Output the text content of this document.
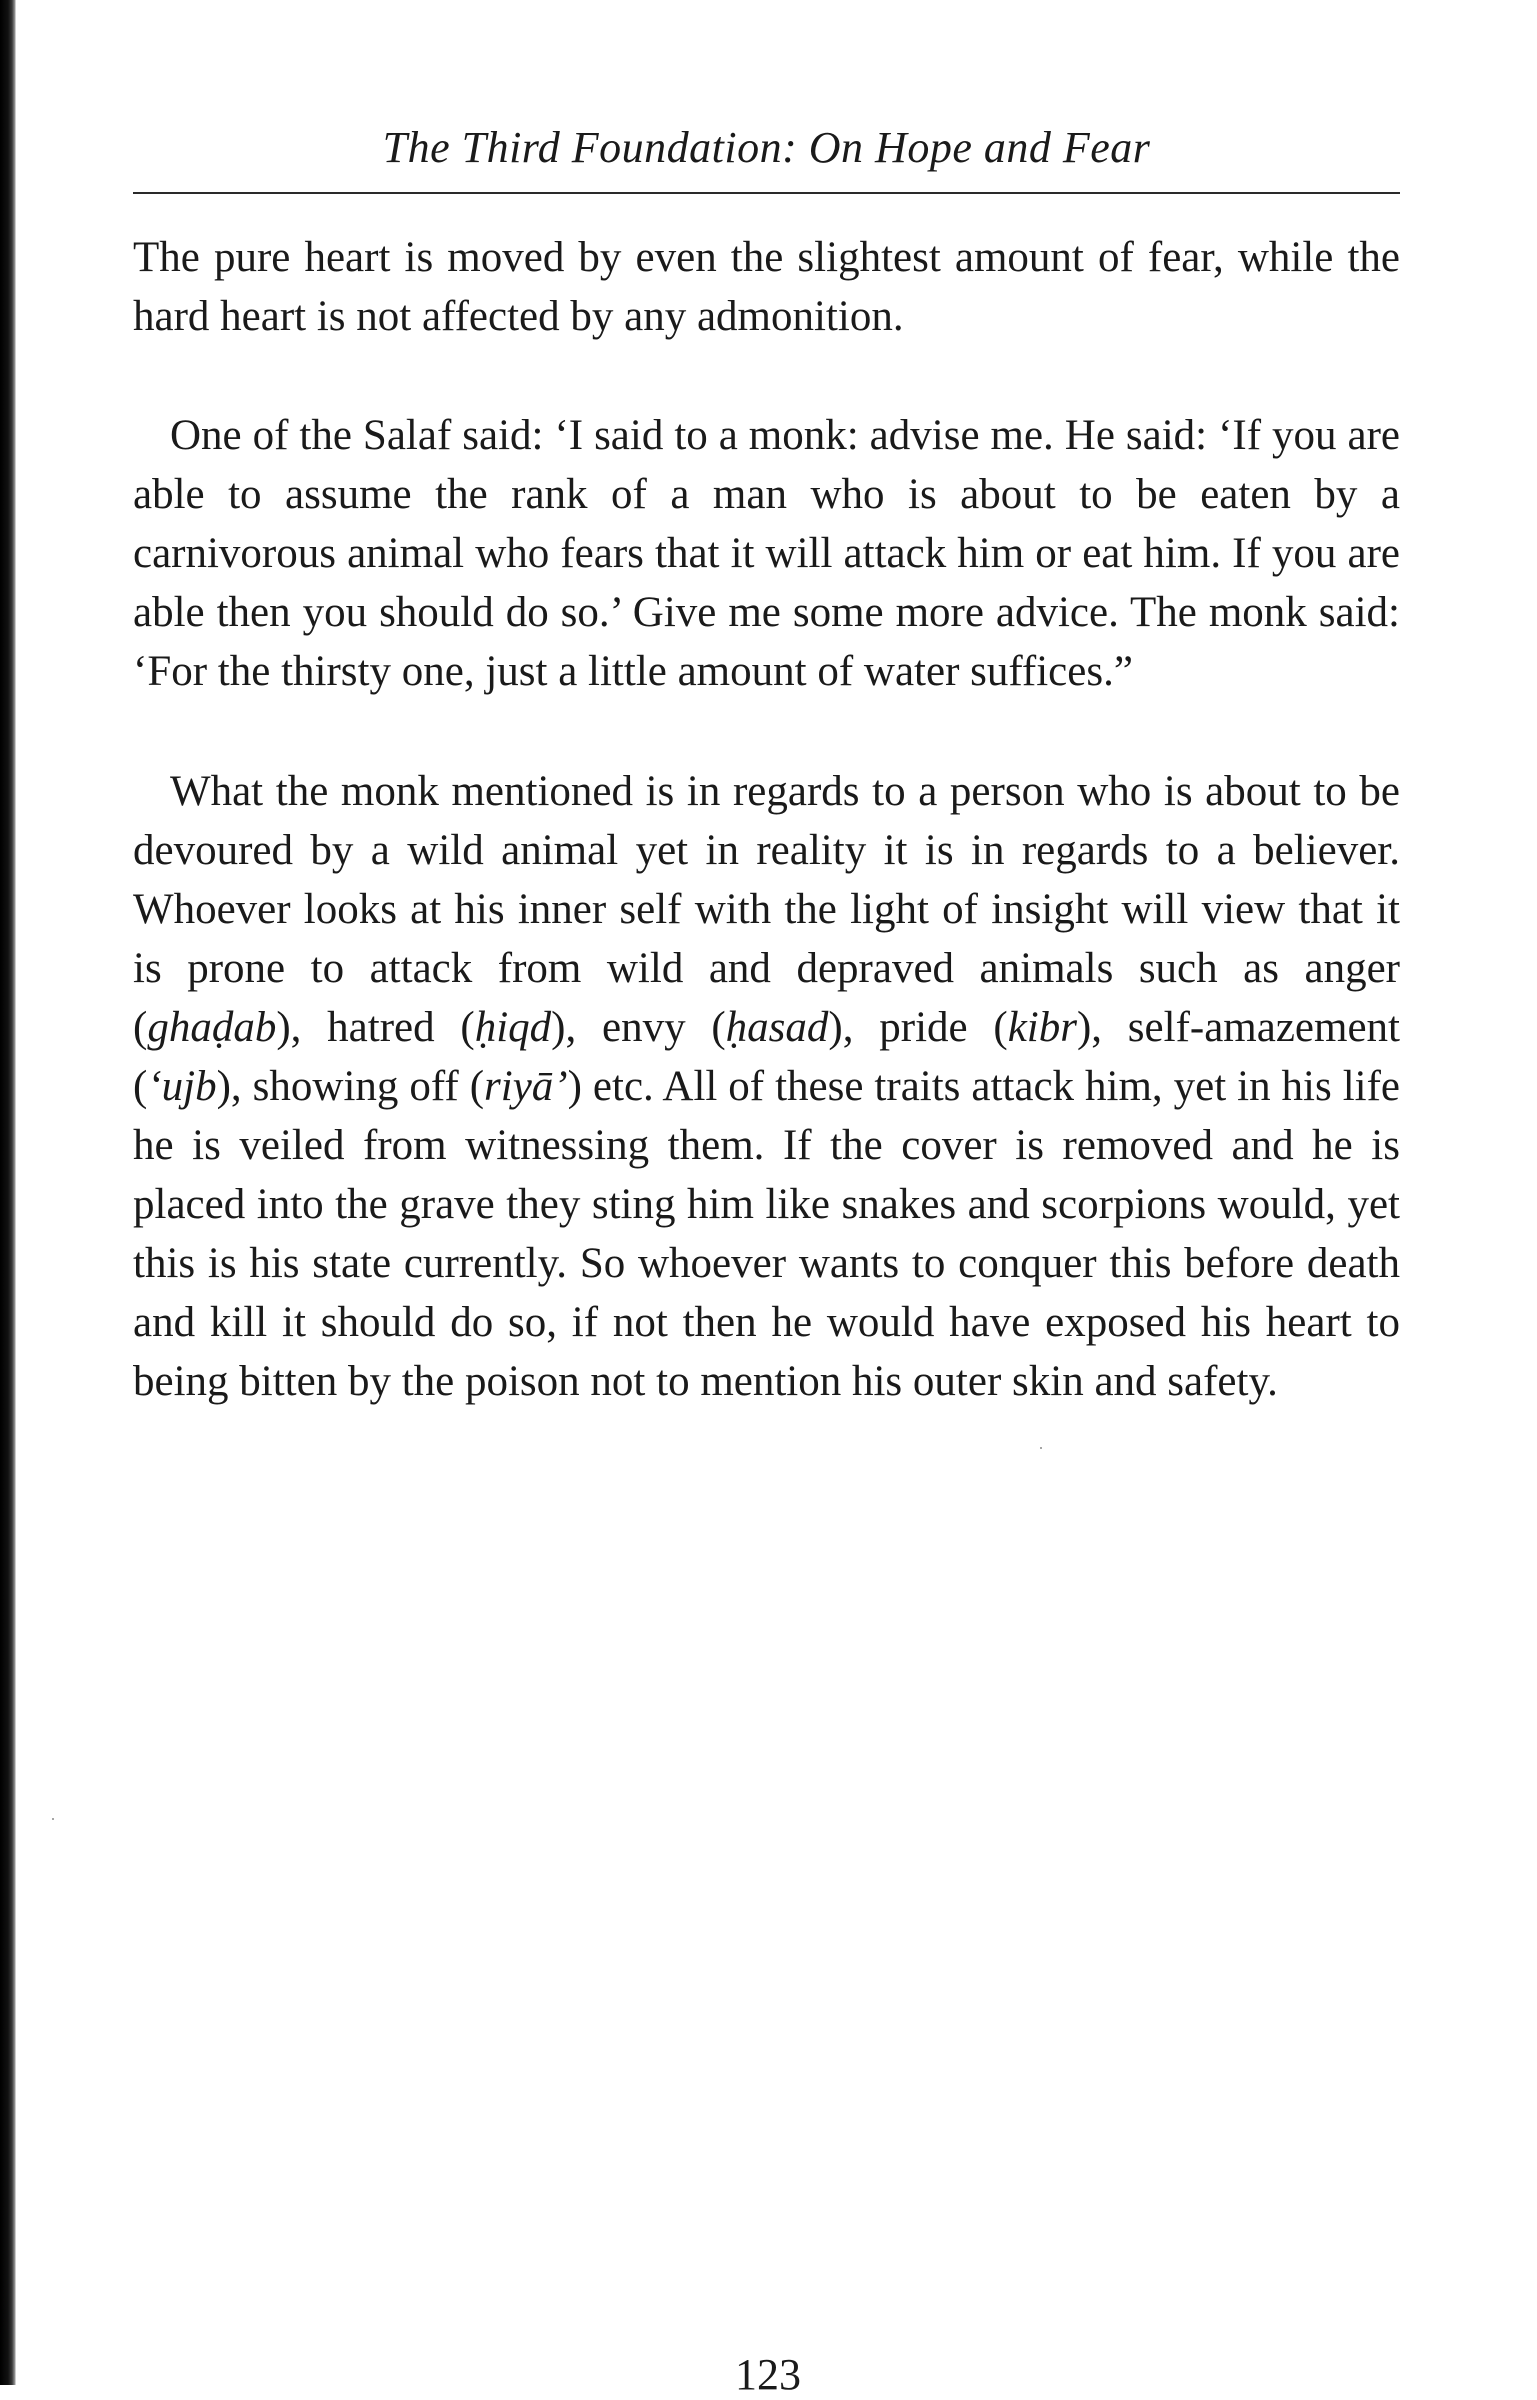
The Third Foundation: On Hope and Fear

The pure heart is moved by even the slightest amount of fear, while the hard heart is not affected by any admonition.

One of the Salaf said: ‘I said to a monk: advise me. He said: ‘If you are able to assume the rank of a man who is about to be eaten by a carnivorous animal who fears that it will attack him or eat him. If you are able then you should do so.’ Give me some more advice. The monk said: ‘For the thirsty one, just a little amount of water suffices.”

What the monk mentioned is in regards to a person who is about to be devoured by a wild animal yet in reality it is in regards to a believer. Whoever looks at his inner self with the light of insight will view that it is prone to attack from wild and depraved animals such as anger (ghaḍab), hatred (ḥiqd), envy (ḥasad), pride (kibr), self-amazement (‘ujb), showing off (riyā’) etc. All of these traits attack him, yet in his life he is veiled from witnessing them. If the cover is removed and he is placed into the grave they sting him like snakes and scorpions would, yet this is his state currently. So whoever wants to conquer this before death and kill it should do so, if not then he would have exposed his heart to being bitten by the poison not to mention his outer skin and safety.

123
